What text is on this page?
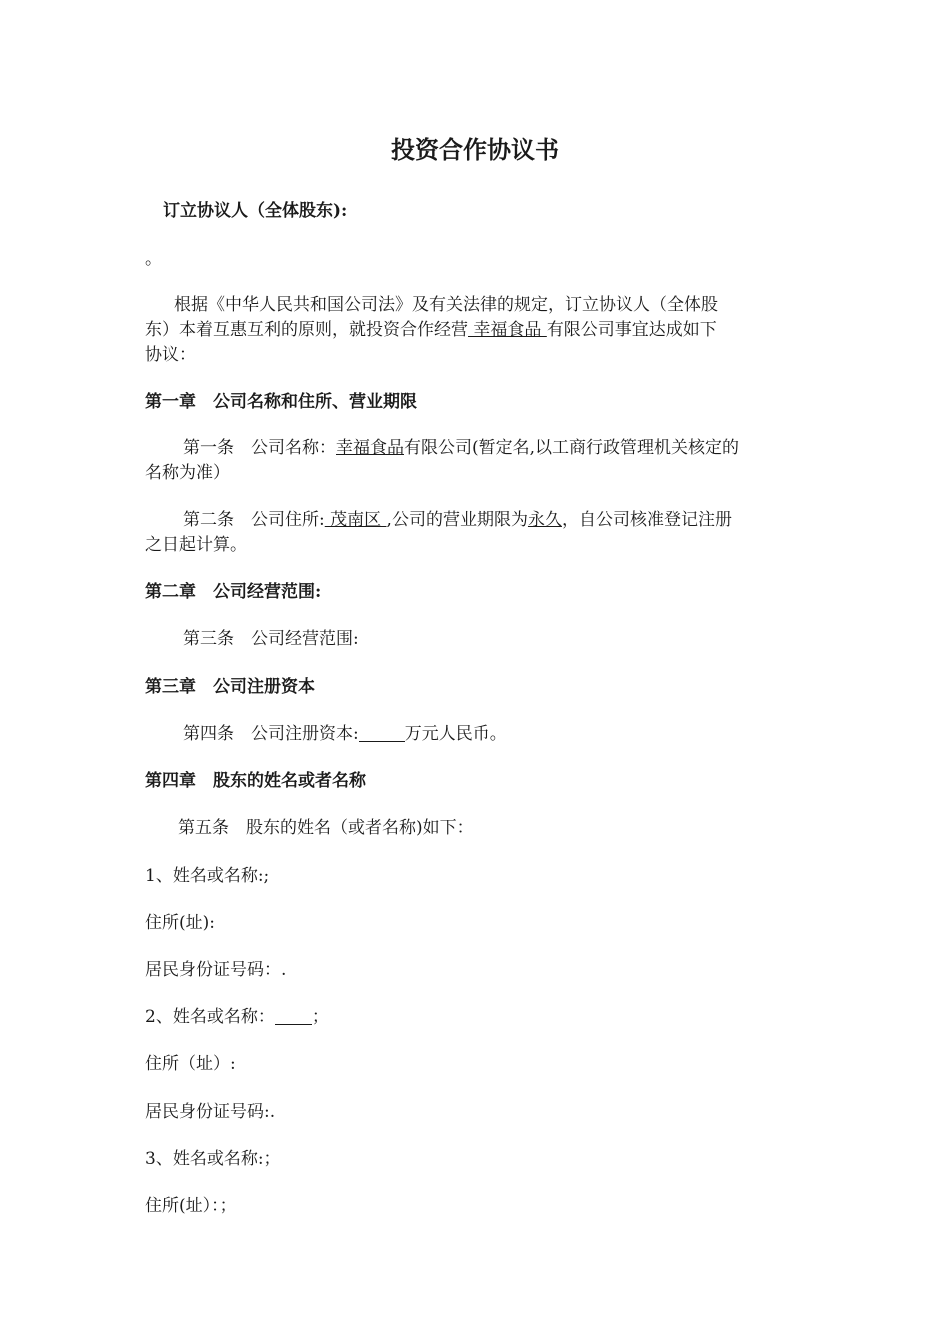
投资合作协议书
订立协议人（全体股东):
。
根据《中华人民共和国公司法》及有关法律的规定，订立协议人（全体股
东）本着互惠互利的原则，就投资合作经营 幸福食品 有限公司事宜达成如下
协议：
第一章　公司名称和住所、营业期限
第一条　公司名称：幸福食品有限公司(暂定名,以工商行政管理机关核定的
名称为准）
第二条　公司住所: 茂南区 ,公司的营业期限为永久，自公司核准登记注册
之日起计算。
第二章　公司经营范围:
第三条　公司经营范围:
第三章　公司注册资本
第四条　公司注册资本:	万元人民币。
第四章　股东的姓名或者名称
第五条　股东的姓名（或者名称)如下：
1、姓名或名称:;
住所(址):
居民身份证号码：.
2、姓名或名称： ；
住所（址）:
居民身份证号码:.
3、姓名或名称:；
住所(址）：；
